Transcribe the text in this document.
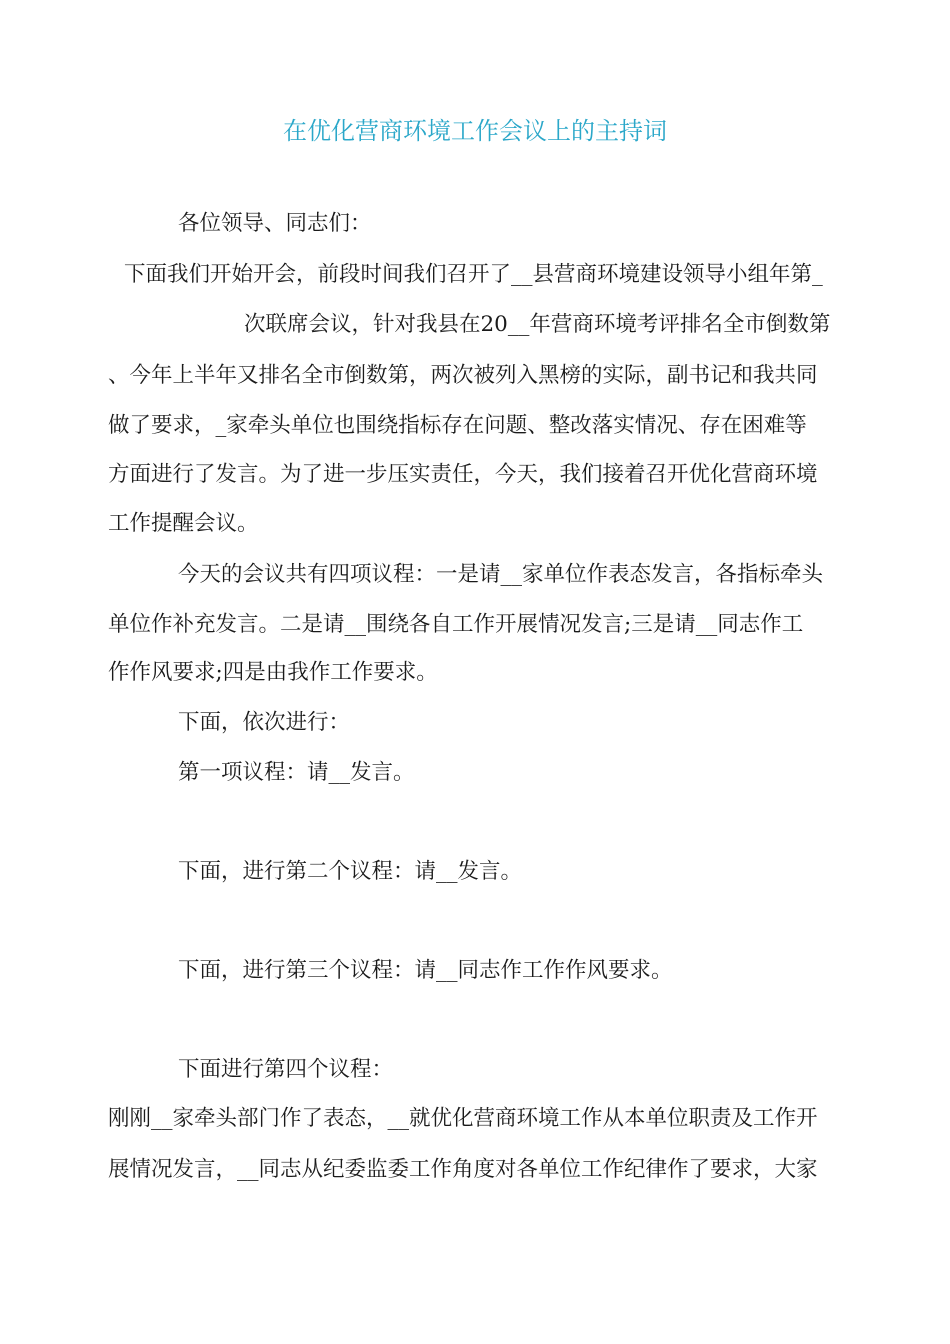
在优化营商环境工作会议上的主持词
各位领导、同志们：
下面我们开始开会，前段时间我们召开了__县营商环境建设领导小组年第_
次联席会议，针对我县在20__年营商环境考评排名全市倒数第
、今年上半年又排名全市倒数第，两次被列入黑榜的实际，副书记和我共同
做了要求，_家牵头单位也围绕指标存在问题、整改落实情况、存在困难等
方面进行了发言。为了进一步压实责任，今天，我们接着召开优化营商环境
工作提醒会议。
今天的会议共有四项议程：一是请__家单位作表态发言，各指标牵头
单位作补充发言。二是请__围绕各自工作开展情况发言;三是请__同志作工
作作风要求;四是由我作工作要求。
下面，依次进行：
第一项议程：请__发言。
下面，进行第二个议程：请__发言。
下面，进行第三个议程：请__同志作工作作风要求。
下面进行第四个议程：
刚刚__家牵头部门作了表态，__就优化营商环境工作从本单位职责及工作开
展情况发言，__同志从纪委监委工作角度对各单位工作纪律作了要求，大家
